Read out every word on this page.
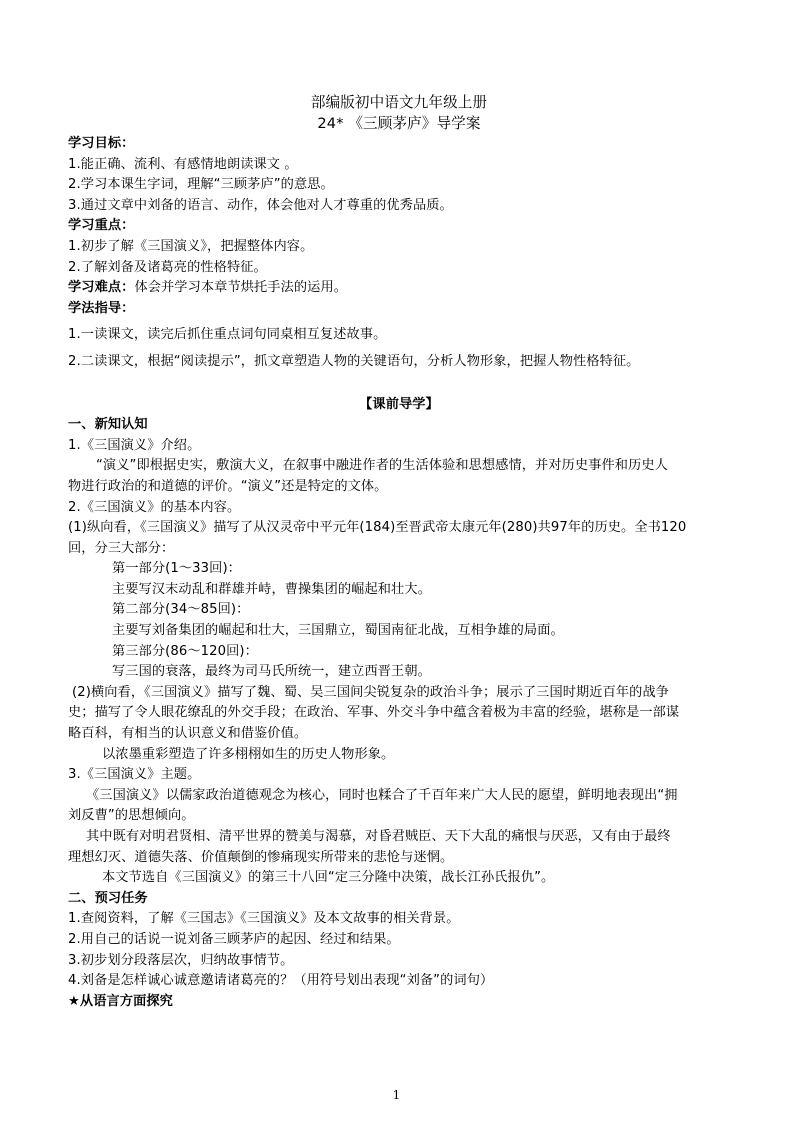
部编版初中语文九年级上册
24* 《三顾茅庐》导学案
学习目标：
1.能正确、流利、有感情地朗读课文 。
2.学习本课生字词，理解“三顾茅庐”的意思。
3.通过文章中刘备的语言、动作，体会他对人才尊重的优秀品质。
学习重点：
1.初步了解《三国演义》，把握整体内容。
2.了解刘备及诸葛亮的性格特征。
学习难点：体会并学习本章节烘托手法的运用。
学法指导：
1.一读课文，读完后抓住重点词句同桌相互复述故事。
2.二读课文，根据“阅读提示”，抓文章塑造人物的关键语句，分析人物形象，把握人物性格特征。
【课前导学】
一、新知认知
1.《三国演义》介绍。
“演义”即根据史实，敷演大义，在叙事中融进作者的生活体验和思想感情，并对历史事件和历史人
物进行政治的和道德的评价。“演义”还是特定的文体。
2.《三国演义》的基本内容。
(1)纵向看，《三国演义》描写了从汉灵帝中平元年(184)至晋武帝太康元年(280)共97年的历史。全书120
回，分三大部分：
第一部分(1～33回)：
主要写汉末动乱和群雄并峙，曹操集团的崛起和壮大。
第二部分(34～85回)：
主要写刘备集团的崛起和壮大，三国鼎立，蜀国南征北战，互相争雄的局面。
第三部分(86～120回)：
写三国的衰落，最终为司马氏所统一，建立西晋王朝。
(2)横向看，《三国演义》描写了魏、蜀、吴三国间尖锐复杂的政治斗争；展示了三国时期近百年的战争
史；描写了令人眼花缭乱的外交手段；在政治、军事、外交斗争中蕴含着极为丰富的经验，堪称是一部谋
略百科，有相当的认识意义和借鉴价值。
以浓墨重彩塑造了许多栩栩如生的历史人物形象。
3.《三国演义》主题。
《三国演义》以儒家政治道德观念为核心，同时也糅合了千百年来广大人民的愿望，鲜明地表现出“拥
刘反曹”的思想倾向。
其中既有对明君贤相、清平世界的赞美与渴慕，对昏君贼臣、天下大乱的痛恨与厌恶，又有由于最终
理想幻灭、道德失落、价值颠倒的惨痛现实所带来的悲怆与迷惘。
本文节选自《三国演义》的第三十八回“定三分隆中决策，战长江孙氏报仇”。
二、预习任务
1.查阅资料，了解《三国志》《三国演义》及本文故事的相关背景。
2.用自己的话说一说刘备三顾茅庐的起因、经过和结果。
3.初步划分段落层次，归纳故事情节。
4.刘备是怎样诚心诚意邀请诸葛亮的？（用符号划出表现“刘备”的词句）
★从语言方面探究
1
